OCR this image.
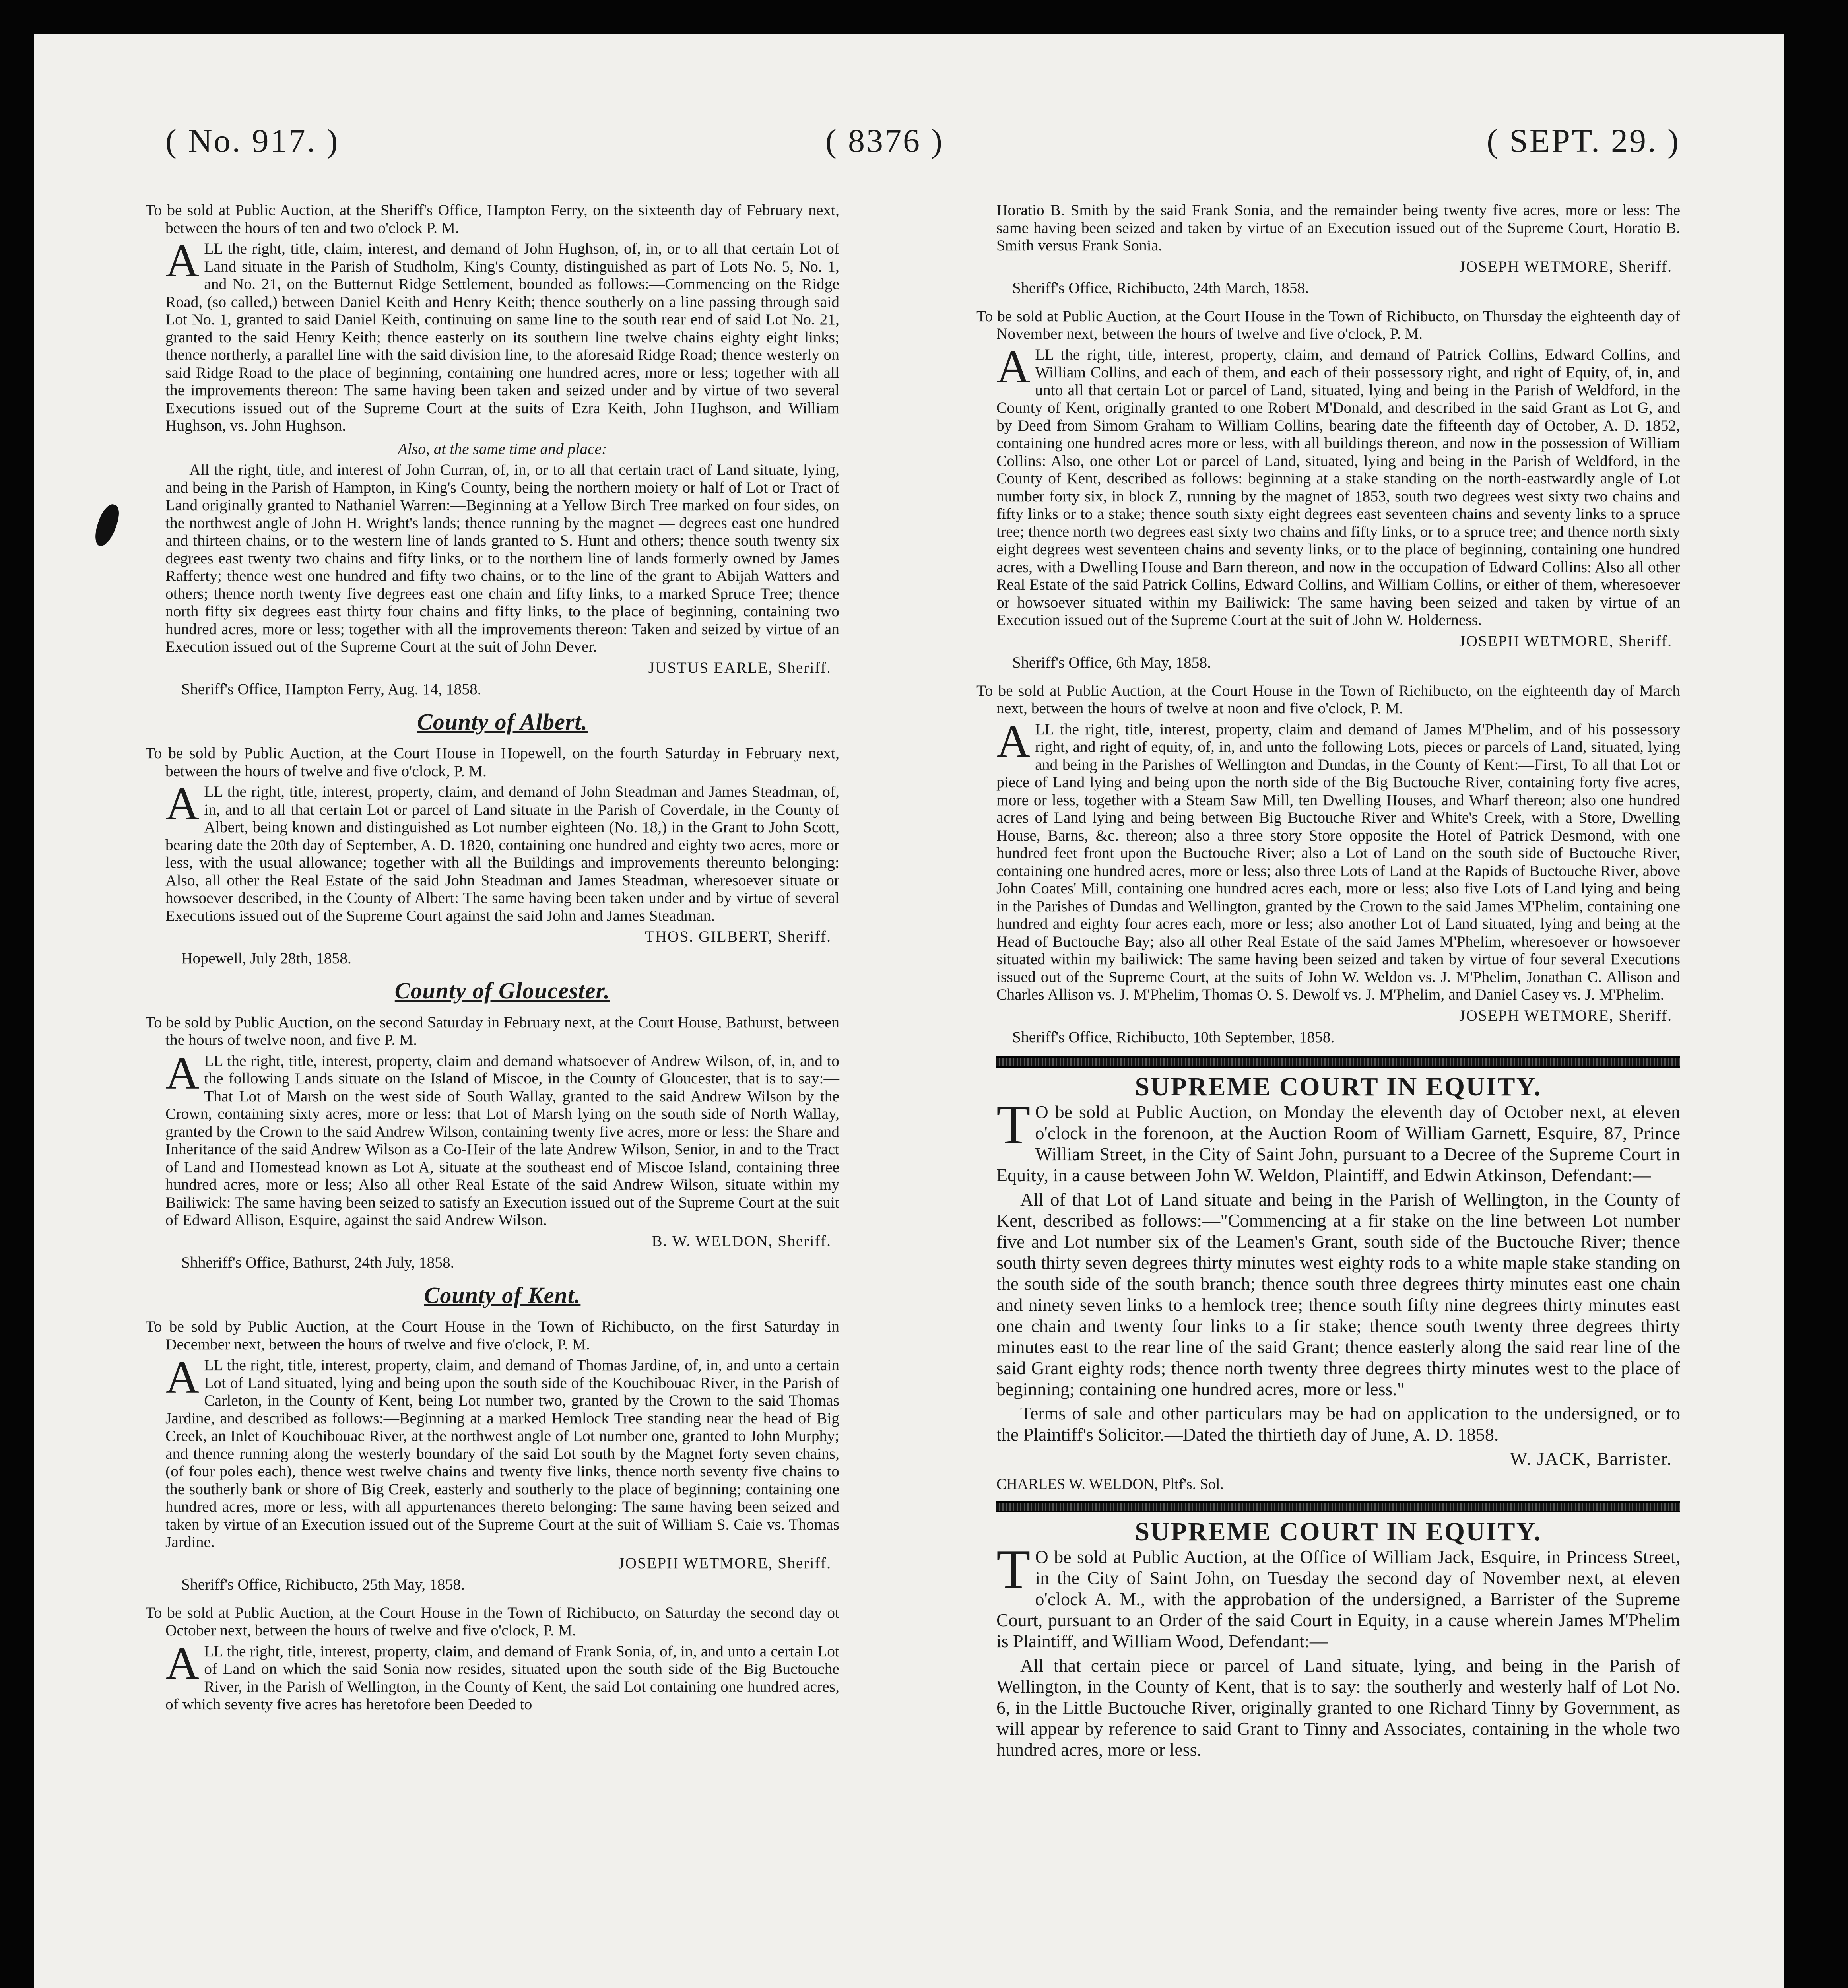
( No. 917. )	( 8376 )	( SEPT. 29. )

To be sold at Public Auction, at the Sheriff's Office, Hampton Ferry, on the sixteenth day of February next, between the hours of ten and two o'clock P. M.

ALL the right, title, claim, interest, and demand of John Hughson, of, in, or to all that certain Lot of Land situate in the Parish of Studholm, King's County, distinguished as part of Lots No. 5, No. 1, and No. 21, on the Butternut Ridge Settlement, bounded as follows:—Commencing on the Ridge Road, (so called,) between Daniel Keith and Henry Keith; thence southerly on a line passing through said Lot No. 1, granted to said Daniel Keith, continuing on same line to the south rear end of said Lot No. 21, granted to the said Henry Keith; thence easterly on its southern line twelve chains eighty eight links; thence northerly, a parallel line with the said division line, to the aforesaid Ridge Road; thence westerly on said Ridge Road to the place of beginning, containing one hundred acres, more or less; together with all the improvements thereon: The same having been taken and seized under and by virtue of two several Executions issued out of the Supreme Court at the suits of Ezra Keith, John Hughson, and William Hughson, vs. John Hughson.

Also, at the same time and place:

All the right, title, and interest of John Curran, of, in, or to all that certain tract of Land situate, lying, and being in the Parish of Hampton, in King's County, being the northern moiety or half of Lot or Tract of Land originally granted to Nathaniel Warren:—Beginning at a Yellow Birch Tree marked on four sides, on the northwest angle of John H. Wright's lands; thence running by the magnet — degrees east one hundred and thirteen chains, or to the western line of lands granted to S. Hunt and others; thence south twenty six degrees east twenty two chains and fifty links, or to the northern line of lands formerly owned by James Rafferty; thence west one hundred and fifty two chains, or to the line of the grant to Abijah Watters and others; thence north twenty five degrees east one chain and fifty links, to a marked Spruce Tree; thence north fifty six degrees east thirty four chains and fifty links, to the place of beginning, containing two hundred acres, more or less; together with all the improvements thereon: Taken and seized by virtue of an Execution issued out of the Supreme Court at the suit of John Dever.

JUSTUS EARLE, Sheriff.
Sheriff's Office, Hampton Ferry, Aug. 14, 1858.
County of Albert.

To be sold by Public Auction, at the Court House in Hopewell, on the fourth Saturday in February next, between the hours of twelve and five o'clock, P. M.

ALL the right, title, interest, property, claim, and demand of John Steadman and James Steadman, of, in, and to all that certain Lot or parcel of Land situate in the Parish of Coverdale, in the County of Albert, being known and distinguished as Lot number eighteen (No. 18,) in the Grant to John Scott, bearing date the 20th day of September, A. D. 1820, containing one hundred and eighty two acres, more or less, with the usual allowance; together with all the Buildings and improvements thereunto belonging: Also, all other the Real Estate of the said John Steadman and James Steadman, wheresoever situate or howsoever described, in the County of Albert: The same having been taken under and by virtue of several Executions issued out of the Supreme Court against the said John and James Steadman.

THOS. GILBERT, Sheriff.
Hopewell, July 28th, 1858.
County of Gloucester.

To be sold by Public Auction, on the second Saturday in February next, at the Court House, Bathurst, between the hours of twelve noon, and five P. M.

ALL the right, title, interest, property, claim and demand whatsoever of Andrew Wilson, of, in, and to the following Lands situate on the Island of Miscoe, in the County of Gloucester, that is to say:—That Lot of Marsh on the west side of South Wallay, granted to the said Andrew Wilson by the Crown, containing sixty acres, more or less: that Lot of Marsh lying on the south side of North Wallay, granted by the Crown to the said Andrew Wilson, containing twenty five acres, more or less: the Share and Inheritance of the said Andrew Wilson as a Co-Heir of the late Andrew Wilson, Senior, in and to the Tract of Land and Homestead known as Lot A, situate at the southeast end of Miscoe Island, containing three hundred acres, more or less; Also all other Real Estate of the said Andrew Wilson, situate within my Bailiwick: The same having been seized to satisfy an Execution issued out of the Supreme Court at the suit of Edward Allison, Esquire, against the said Andrew Wilson.

B. W. WELDON, Sheriff.
Shheriff's Office, Bathurst, 24th July, 1858.
County of Kent.

To be sold by Public Auction, at the Court House in the Town of Richibucto, on the first Saturday in December next, between the hours of twelve and five o'clock, P. M.

ALL the right, title, interest, property, claim, and demand of Thomas Jardine, of, in, and unto a certain Lot of Land situated, lying and being upon the south side of the Kouchibouac River, in the Parish of Carleton, in the County of Kent, being Lot number two, granted by the Crown to the said Thomas Jardine, and described as follows:—Beginning at a marked Hemlock Tree standing near the head of Big Creek, an Inlet of Kouchibouac River, at the northwest angle of Lot number one, granted to John Murphy; and thence running along the westerly boundary of the said Lot south by the Magnet forty seven chains, (of four poles each), thence west twelve chains and twenty five links, thence north seventy five chains to the southerly bank or shore of Big Creek, easterly and southerly to the place of beginning; containing one hundred acres, more or less, with all appurtenances thereto belonging: The same having been seized and taken by virtue of an Execution issued out of the Supreme Court at the suit of William S. Caie vs. Thomas Jardine.

JOSEPH WETMORE, Sheriff.
Sheriff's Office, Richibucto, 25th May, 1858.

To be sold at Public Auction, at the Court House in the Town of Richibucto, on Saturday the second day ot October next, between the hours of twelve and five o'clock, P. M.

ALL the right, title, interest, property, claim, and demand of Frank Sonia, of, in, and unto a certain Lot of Land on which the said Sonia now resides, situated upon the south side of the Big Buctouche River, in the Parish of Wellington, in the County of Kent, the said Lot containing one hundred acres, of which seventy five acres has heretofore been Deeded to

Horatio B. Smith by the said Frank Sonia, and the remainder being twenty five acres, more or less: The same having been seized and taken by virtue of an Execution issued out of the Supreme Court, Horatio B. Smith versus Frank Sonia.

JOSEPH WETMORE, Sheriff.
Sheriff's Office, Richibucto, 24th March, 1858.

To be sold at Public Auction, at the Court House in the Town of Richibucto, on Thursday the eighteenth day of November next, between the hours of twelve and five o'clock, P. M.

ALL the right, title, interest, property, claim, and demand of Patrick Collins, Edward Collins, and William Collins, and each of them, and each of their possessory right, and right of Equity, of, in, and unto all that certain Lot or parcel of Land, situated, lying and being in the Parish of Weldford, in the County of Kent, originally granted to one Robert M'Donald, and described in the said Grant as Lot G, and by Deed from Simom Graham to William Collins, bearing date the fifteenth day of October, A. D. 1852, containing one hundred acres more or less, with all buildings thereon, and now in the possession of William Collins: Also, one other Lot or parcel of Land, situated, lying and being in the Parish of Weldford, in the County of Kent, described as follows: beginning at a stake standing on the north-eastwardly angle of Lot number forty six, in block Z, running by the magnet of 1853, south two degrees west sixty two chains and fifty links or to a stake; thence south sixty eight degrees east seventeen chains and seventy links to a spruce tree; thence north two degrees east sixty two chains and fifty links, or to a spruce tree; and thence north sixty eight degrees west seventeen chains and seventy links, or to the place of beginning, containing one hundred acres, with a Dwelling House and Barn thereon, and now in the occupation of Edward Collins: Also all other Real Estate of the said Patrick Collins, Edward Collins, and William Collins, or either of them, wheresoever or howsoever situated within my Bailiwick: The same having been seized and taken by virtue of an Execution issued out of the Supreme Court at the suit of John W. Holderness.

JOSEPH WETMORE, Sheriff.
Sheriff's Office, 6th May, 1858.

To be sold at Public Auction, at the Court House in the Town of Richibucto, on the eighteenth day of March next, between the hours of twelve at noon and five o'clock, P. M.

ALL the right, title, interest, property, claim and demand of James M'Phelim, and of his possessory right, and right of equity, of, in, and unto the following Lots, pieces or parcels of Land, situated, lying and being in the Parishes of Wellington and Dundas, in the County of Kent:—First, To all that Lot or piece of Land lying and being upon the north side of the Big Buctouche River, containing forty five acres, more or less, together with a Steam Saw Mill, ten Dwelling Houses, and Wharf thereon; also one hundred acres of Land lying and being between Big Buctouche River and White's Creek, with a Store, Dwelling House, Barns, &c. thereon; also a three story Store opposite the Hotel of Patrick Desmond, with one hundred feet front upon the Buctouche River; also a Lot of Land on the south side of Buctouche River, containing one hundred acres, more or less; also three Lots of Land at the Rapids of Buctouche River, above John Coates' Mill, containing one hundred acres each, more or less; also five Lots of Land lying and being in the Parishes of Dundas and Wellington, granted by the Crown to the said James M'Phelim, containing one hundred and eighty four acres each, more or less; also another Lot of Land situated, lying and being at the Head of Buctouche Bay; also all other Real Estate of the said James M'Phelim, wheresoever or howsoever situated within my bailiwick: The same having been seized and taken by virtue of four several Executions issued out of the Supreme Court, at the suits of John W. Weldon vs. J. M'Phelim, Jonathan C. Allison and Charles Allison vs. J. M'Phelim, Thomas O. S. Dewolf vs. J. M'Phelim, and Daniel Casey vs. J. M'Phelim.

JOSEPH WETMORE, Sheriff.
Sheriff's Office, Richibucto, 10th September, 1858.
SUPREME COURT IN EQUITY.

TO be sold at Public Auction, on Monday the eleventh day of October next, at eleven o'clock in the forenoon, at the Auction Room of William Garnett, Esquire, 87, Prince William Street, in the City of Saint John, pursuant to a Decree of the Supreme Court in Equity, in a cause between John W. Weldon, Plaintiff, and Edwin Atkinson, Defendant:—

All of that Lot of Land situate and being in the Parish of Wellington, in the County of Kent, described as follows:—"Commencing at a fir stake on the line between Lot number five and Lot number six of the Leamen's Grant, south side of the Buctouche River; thence south thirty seven degrees thirty minutes west eighty rods to a white maple stake standing on the south side of the south branch; thence south three degrees thirty minutes east one chain and ninety seven links to a hemlock tree; thence south fifty nine degrees thirty minutes east one chain and twenty four links to a fir stake; thence south twenty three degrees thirty minutes east to the rear line of the said Grant; thence easterly along the said rear line of the said Grant eighty rods; thence north twenty three degrees thirty minutes west to the place of beginning; containing one hundred acres, more or less."

Terms of sale and other particulars may be had on application to the undersigned, or to the Plaintiff's Solicitor.—Dated the thirtieth day of June, A. D. 1858.

W. JACK, Barrister.
CHARLES W. WELDON, Pltf's. Sol.
SUPREME COURT IN EQUITY.

TO be sold at Public Auction, at the Office of William Jack, Esquire, in Princess Street, in the City of Saint John, on Tuesday the second day of November next, at eleven o'clock A. M., with the approbation of the undersigned, a Barrister of the Supreme Court, pursuant to an Order of the said Court in Equity, in a cause wherein James M'Phelim is Plaintiff, and William Wood, Defendant:—

All that certain piece or parcel of Land situate, lying, and being in the Parish of Wellington, in the County of Kent, that is to say: the southerly and westerly half of Lot No. 6, in the Little Buctouche River, originally granted to one Richard Tinny by Government, as will appear by reference to said Grant to Tinny and Associates, containing in the whole two hundred acres, more or less.
